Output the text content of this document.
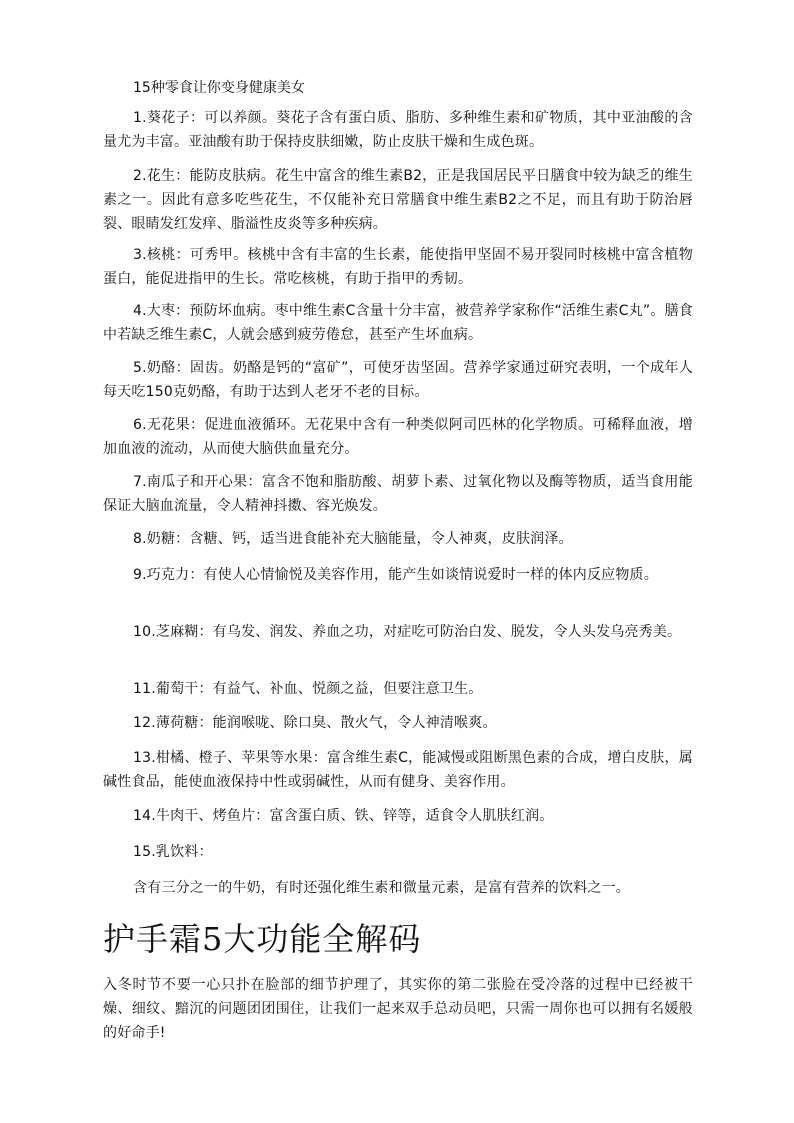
15种零食让你变身健康美女

1.葵花子：可以养颜。葵花子含有蛋白质、脂肪、多种维生素和矿物质，其中亚油酸的含量尤为丰富。亚油酸有助于保持皮肤细嫩，防止皮肤干燥和生成色斑。

2.花生：能防皮肤病。花生中富含的维生素B2，正是我国居民平日膳食中较为缺乏的维生素之一。因此有意多吃些花生，不仅能补充日常膳食中维生素B2之不足，而且有助于防治唇裂、眼睛发红发痒、脂溢性皮炎等多种疾病。

3.核桃：可秀甲。核桃中含有丰富的生长素，能使指甲坚固不易开裂同时核桃中富含植物蛋白，能促进指甲的生长。常吃核桃，有助于指甲的秀韧。

4.大枣：预防坏血病。枣中维生素C含量十分丰富，被营养学家称作“活维生素C丸”。膳食中若缺乏维生素C，人就会感到疲劳倦怠，甚至产生坏血病。

5.奶酪：固齿。奶酪是钙的“富矿”，可使牙齿坚固。营养学家通过研究表明，一个成年人每天吃150克奶酪，有助于达到人老牙不老的目标。

6.无花果：促进血液循环。无花果中含有一种类似阿司匹林的化学物质。可稀释血液，增加血液的流动，从而使大脑供血量充分。

7.南瓜子和开心果：富含不饱和脂肪酸、胡萝卜素、过氧化物以及酶等物质，适当食用能保证大脑血流量，令人精神抖擞、容光焕发。

8.奶糖：含糖、钙，适当进食能补充大脑能量，令人神爽，皮肤润泽。

9.巧克力：有使人心情愉悦及美容作用，能产生如谈情说爱时一样的体内反应物质。

10.芝麻糊：有乌发、润发、养血之功，对症吃可防治白发、脱发，令人头发乌亮秀美。

11.葡萄干：有益气、补血、悦颜之益，但要注意卫生。

12.薄荷糖：能润喉咙、除口臭、散火气，令人神清喉爽。

13.柑橘、橙子、苹果等水果：富含维生素C，能减慢或阻断黑色素的合成，增白皮肤，属碱性食品，能使血液保持中性或弱碱性，从而有健身、美容作用。

14.牛肉干、烤鱼片：富含蛋白质、铁、锌等，适食令人肌肤红润。

15.乳饮料：

含有三分之一的牛奶，有时还强化维生素和微量元素，是富有营养的饮料之一。

护手霜5大功能全解码

入冬时节不要一心只扑在脸部的细节护理了，其实你的第二张脸在受冷落的过程中已经被干燥、细纹、黯沉的问题团团围住，让我们一起来双手总动员吧，只需一周你也可以拥有名媛般的好命手!
